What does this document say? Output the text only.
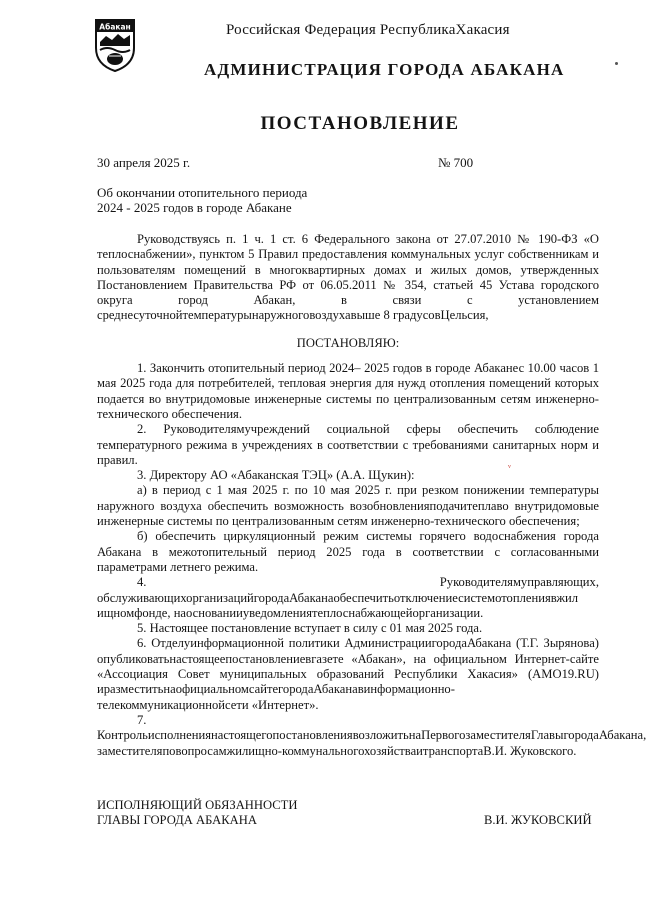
Абакан	Российская Федерация РеспубликаХакасия
АДМИНИСТРАЦИЯ ГОРОДА АБАКАНА
ПОСТАНОВЛЕНИЕ
30 апреля 2025 г.	№ 700
Об окончании отопительного периода
2024 - 2025 годов в городе Абакане

Руководствуясь п. 1 ч. 1 ст. 6 Федерального закона от 27.07.2010 № 190-ФЗ «О теплоснабжении», пунктом 5 Правил предоставления коммунальных услуг собственникам и пользователям помещений в многоквартирных домах и жилых домов, утвержденных Постановлением Правительства РФ от 06.05.2011 № 354, статьей 45 Устава городского округа город Абакан, в связи с установлением среднесуточнойтемпературынаружноговоздухавыше 8 градусовЦельсия,

ПОСТАНОВЛЯЮ:

1. Закончить отопительный период 2024– 2025 годов в городе Абаканес 10.00 часов 1 мая 2025 года для потребителей, тепловая энергия для нужд отопления помещений которых подается во внутридомовые инженерные системы по централизованным сетям инженерно-технического обеспечения.

2. Руководителямучреждений социальной сферы обеспечить соблюдение температурного режима в учреждениях в соответствии с требованиями санитарных норм и правил.

3. Директору АО «Абаканская ТЭЦ» (А.А. Щукин):

а) в период с 1 мая 2025 г. по 10 мая 2025 г. при резком понижении температуры наружного воздуха обеспечить возможность возобновленияподачитеплаво внутридомовые инженерные системы по централизованным сетям инженерно-технического обеспечения;

б) обеспечить циркуляционный режим системы горячего водоснабжения города Абакана в межотопительный период 2025 года в соответствии с согласованными параметрами летнего режима.

4. Руководителямуправляющих, обслуживающихорганизацийгородаАбаканаобеспечитьотключениесистемотоплениявжил ищномфонде, наоснованииуведомлениятеплоснабжающейорганизации.

5. Настоящее постановление вступает в силу с 01 мая 2025 года.

6. Отделуинформационной политики АдминистрациигородаАбакана (Т.Г. Зырянова) опубликоватьнастоящеепостановлениевгазете «Абакан», на официальном Интернет-сайте «Ассоциация Совет муниципальных образований Республики Хакасия» (АМО19.RU) иразместитьнаофициальномсайтегородаАбаканавинформационно-телекоммуникационнойсети «Интернет».

7. КонтрольисполнениянастоящегопостановлениявозложитьнаПервогозаместителяГлавыгородаАбакана, заместителяповопросамжилищно-коммунальногохозяйстваитранспортаВ.И. Жуковского.

ᵥ
ИСПОЛНЯЮЩИЙ ОБЯЗАННОСТИ
ГЛАВЫ ГОРОДА АБАКАНА	В.И. ЖУКОВСКИЙ
